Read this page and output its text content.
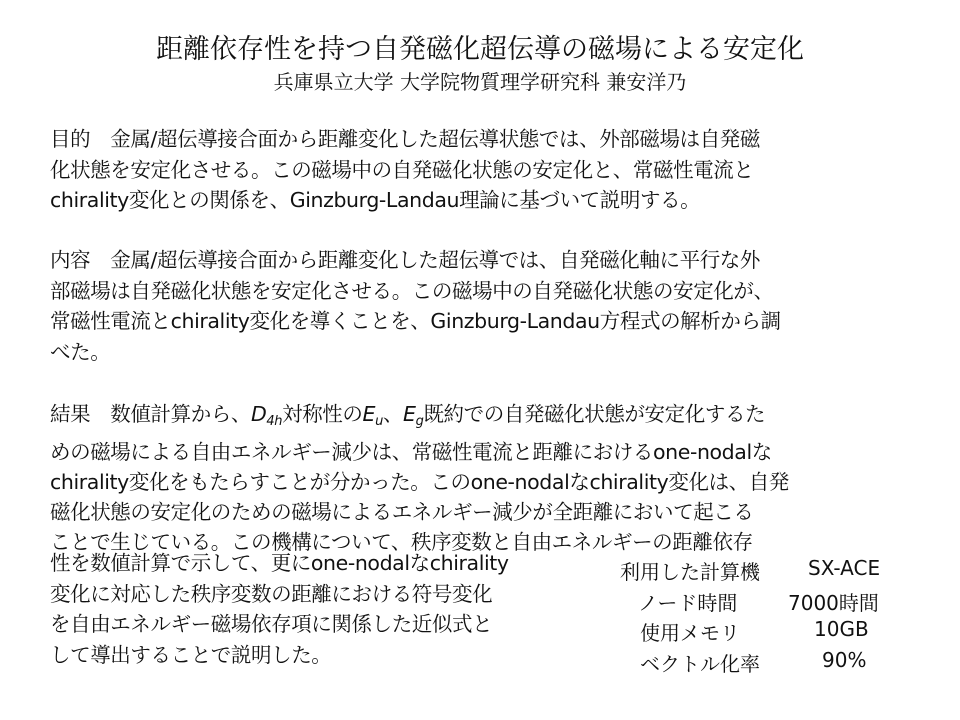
距離依存性を持つ自発磁化超伝導の磁場による安定化
兵庫県立大学 大学院物質理学研究科 兼安洋乃
目的　金属/超伝導接合面から距離変化した超伝導状態では、外部磁場は自発磁
化状態を安定化させる。この磁場中の自発磁化状態の安定化と、常磁性電流と
chirality変化との関係を、Ginzburg-Landau理論に基づいて説明する。
内容　金属/超伝導接合面から距離変化した超伝導では、自発磁化軸に平行な外
部磁場は自発磁化状態を安定化させる。この磁場中の自発磁化状態の安定化が、
常磁性電流とchirality変化を導くことを、Ginzburg-Landau方程式の解析から調
べた。
結果　数値計算から、$D_{4h}$対称性の$E_u$、$E_g$既約での自発磁化状態が安定化するた
めの磁場による自由エネルギー減少は、常磁性電流と距離におけるone-nodalな
chirality変化をもたらすことが分かった。このone-nodalなchirality変化は、自発
磁化状態の安定化のための磁場によるエネルギー減少が全距離において起こる
ことで生じている。この機構について、秩序変数と自由エネルギーの距離依存
性を数値計算で示して、更にone-nodalなchirality
変化に対応した秩序変数の距離における符号変化
を自由エネルギー磁場依存項に関係した近似式と
して導出することで説明した。
利用した計算機 SX-ACE
ノード時間	7000時間
使用メモリ	10GB
ベクトル化率	90%
